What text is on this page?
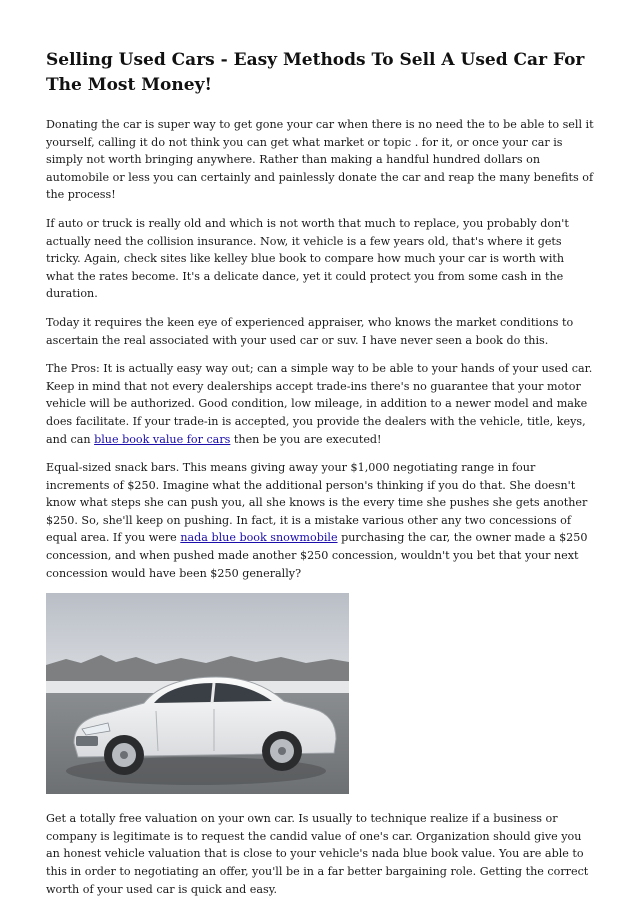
Selling Used Cars - Easy Methods To Sell A Used Car For The Most Money!

Donating the car is super way to get gone your car when there is no need the to be able to sell it yourself, calling it do not think you can get what market or topic . for it, or once your car is simply not worth bringing anywhere. Rather than making a handful hundred dollars on automobile or less you can certainly and painlessly donate the car and reap the many benefits of the process!

If auto or truck is really old and which is not worth that much to replace, you probably don't actually need the collision insurance. Now, it vehicle is a few years old, that's where it gets tricky. Again, check sites like kelley blue book to compare how much your car is worth with what the rates become. It's a delicate dance, yet it could protect you from some cash in the duration.

Today it requires the keen eye of experienced appraiser, who knows the market conditions to ascertain the real associated with your used car or suv. I have never seen a book do this.

The Pros: It is actually easy way out; can a simple way to be able to your hands of your used car. Keep in mind that not every dealerships accept trade-ins there's no guarantee that your motor vehicle will be authorized. Good condition, low mileage, in addition to a newer model and make does facilitate. If your trade-in is accepted, you provide the dealers with the vehicle, title, keys, and can blue book value for cars then be you are executed!

Equal-sized snack bars. This means giving away your $1,000 negotiating range in four increments of $250. Imagine what the additional person's thinking if you do that. She doesn't know what steps she can push you, all she knows is the every time she pushes she gets another $250. So, she'll keep on pushing. In fact, it is a mistake various other any two concessions of equal area. If you were nada blue book snowmobile purchasing the car, the owner made a $250 concession, and when pushed made another $250 concession, wouldn't you bet that your next concession would have been $250 generally?

Get a totally free valuation on your own car. Is usually to technique realize if a business or company is legitimate is to request the candid value of one's car. Organization should give you an honest vehicle valuation that is close to your vehicle's nada blue book value. You are able to this in order to negotiating an offer, you'll be in a far better bargaining role. Getting the correct worth of your used car is quick and easy.
